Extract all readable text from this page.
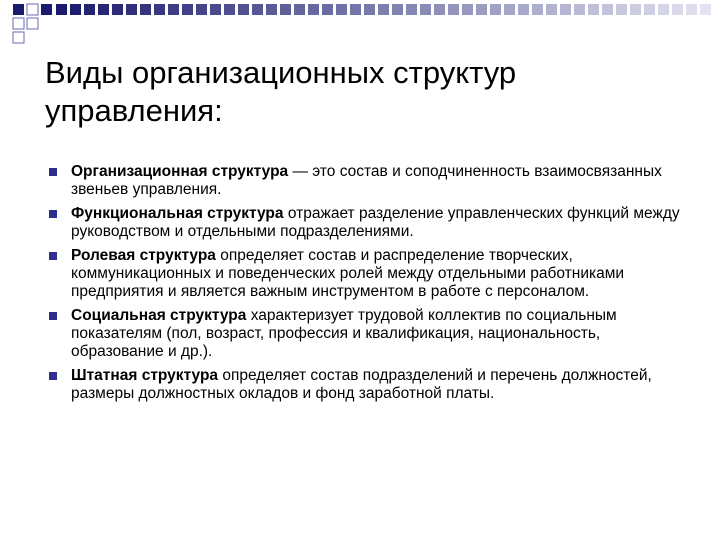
Виды организационных структур управления:
Организационная структура — это состав и соподчиненность взаимосвязанных звеньев управления.
Функциональная структура отражает разделение управленческих функций между руководством и отдельными подразделениями.
Ролевая структура определяет состав и распределение творческих, коммуникационных и поведенческих ролей между отдельными работниками предприятия и является важным инструментом в работе с персоналом.
Социальная структура характеризует трудовой коллектив по социальным показателям (пол, возраст, профессия и квалификация, национальность, образование и др.).
Штатная структура определяет состав подразделений и перечень должностей, размеры должностных окладов и фонд заработной платы.
